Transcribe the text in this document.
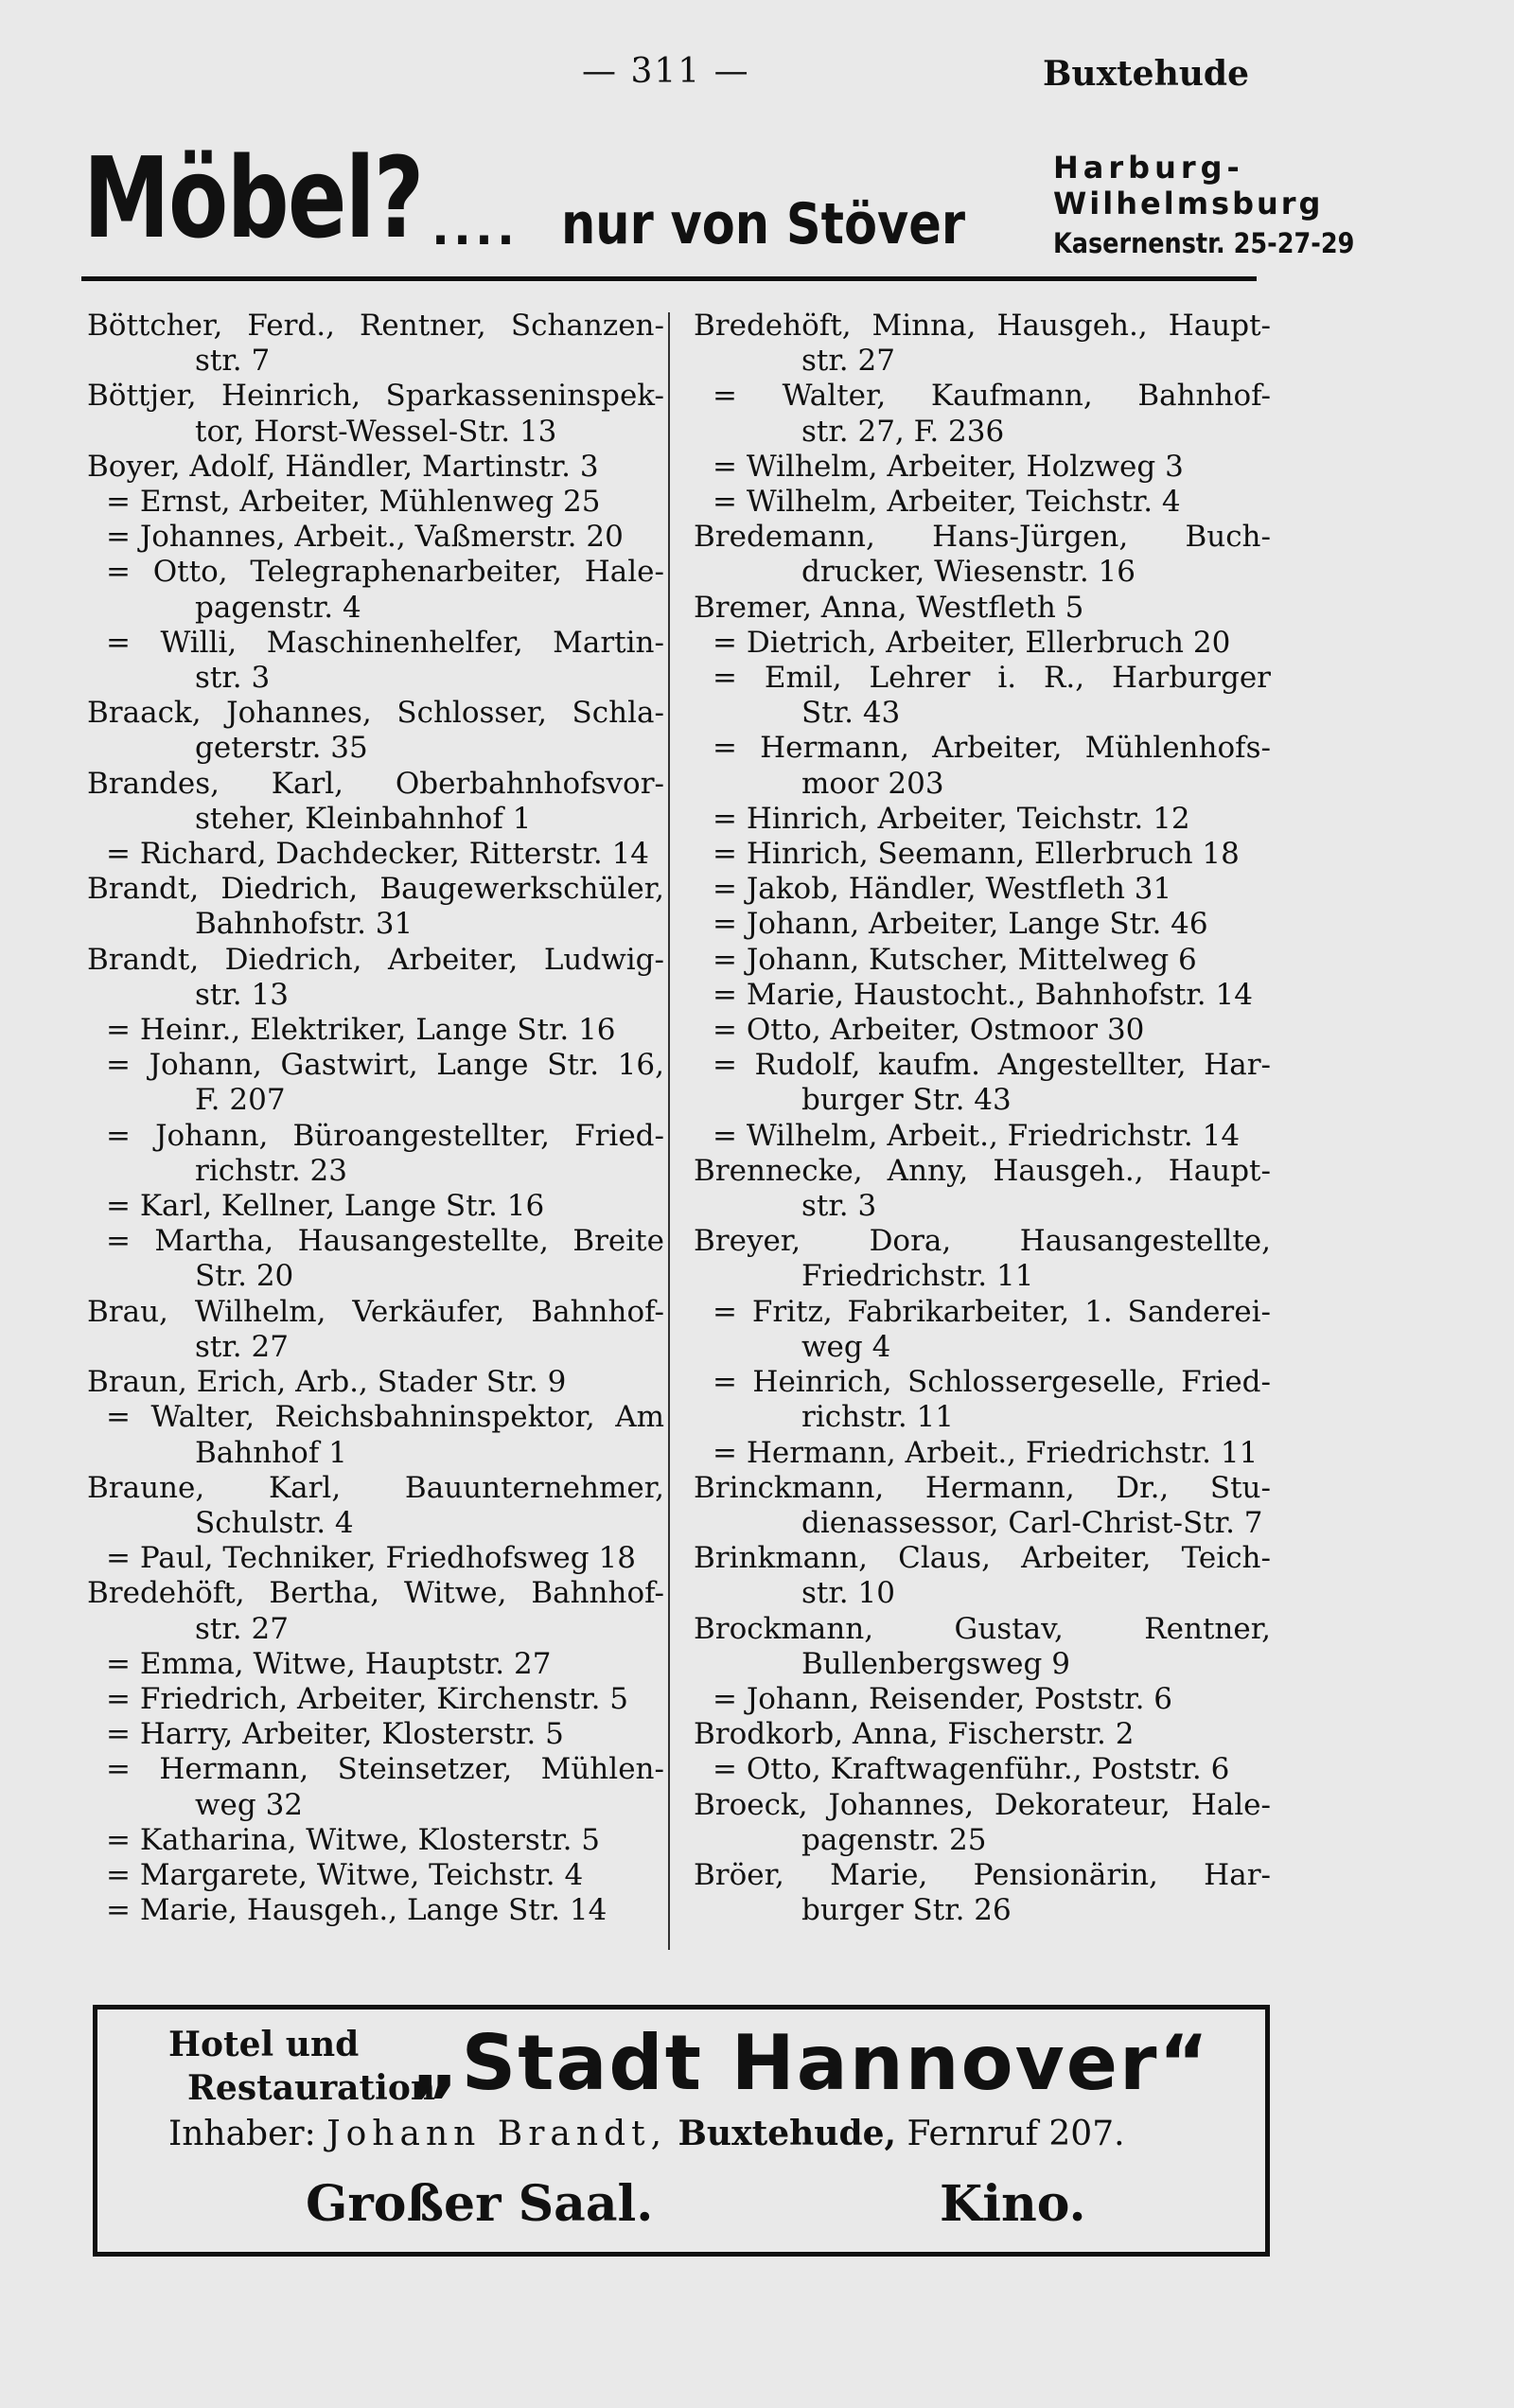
— 311 —	Buxtehude
Möbel? .... nur von Stöver
Harburg-
Wilhelmsburg
Kasernenstr. 25-27-29

Böttcher, Ferd., Rentner, Schanzen-
str. 7

Böttjer, Heinrich, Sparkasseninspek-
tor, Horst-Wessel-Str. 13

Boyer, Adolf, Händler, Martinstr. 3

= Ernst, Arbeiter, Mühlenweg 25

= Johannes, Arbeit., Vaßmerstr. 20

= Otto, Telegraphenarbeiter, Hale-
pagenstr. 4

= Willi, Maschinenhelfer, Martin-
str. 3

Braack, Johannes, Schlosser, Schla-
geterstr. 35

Brandes, Karl, Oberbahnhofsvor-
steher, Kleinbahnhof 1

= Richard, Dachdecker, Ritterstr. 14

Brandt, Diedrich, Baugewerkschüler,
Bahnhofstr. 31

Brandt, Diedrich, Arbeiter, Ludwig-
str. 13

= Heinr., Elektriker, Lange Str. 16

= Johann, Gastwirt, Lange Str. 16,
F. 207

= Johann, Büroangestellter, Fried-
richstr. 23

= Karl, Kellner, Lange Str. 16

= Martha, Hausangestellte, Breite
Str. 20

Brau, Wilhelm, Verkäufer, Bahnhof-
str. 27

Braun, Erich, Arb., Stader Str. 9

= Walter, Reichsbahninspektor, Am
Bahnhof 1

Braune, Karl, Bauunternehmer,
Schulstr. 4

= Paul, Techniker, Friedhofsweg 18

Bredehöft, Bertha, Witwe, Bahnhof-
str. 27

= Emma, Witwe, Hauptstr. 27

= Friedrich, Arbeiter, Kirchenstr. 5

= Harry, Arbeiter, Klosterstr. 5

= Hermann, Steinsetzer, Mühlen-
weg 32

= Katharina, Witwe, Klosterstr. 5

= Margarete, Witwe, Teichstr. 4

= Marie, Hausgeh., Lange Str. 14

Bredehöft, Minna, Hausgeh., Haupt-
str. 27

= Walter, Kaufmann, Bahnhof-
str. 27, F. 236

= Wilhelm, Arbeiter, Holzweg 3

= Wilhelm, Arbeiter, Teichstr. 4

Bredemann, Hans-Jürgen, Buch-
drucker, Wiesenstr. 16

Bremer, Anna, Westfleth 5

= Dietrich, Arbeiter, Ellerbruch 20

= Emil, Lehrer i. R., Harburger
Str. 43

= Hermann, Arbeiter, Mühlenhofs-
moor 203

= Hinrich, Arbeiter, Teichstr. 12

= Hinrich, Seemann, Ellerbruch 18

= Jakob, Händler, Westfleth 31

= Johann, Arbeiter, Lange Str. 46

= Johann, Kutscher, Mittelweg 6

= Marie, Haustocht., Bahnhofstr. 14

= Otto, Arbeiter, Ostmoor 30

= Rudolf, kaufm. Angestellter, Har-
burger Str. 43

= Wilhelm, Arbeit., Friedrichstr. 14

Brennecke, Anny, Hausgeh., Haupt-
str. 3

Breyer, Dora, Hausangestellte,
Friedrichstr. 11

= Fritz, Fabrikarbeiter, 1. Sanderei-
weg 4

= Heinrich, Schlossergeselle, Fried-
richstr. 11

= Hermann, Arbeit., Friedrichstr. 11

Brinckmann, Hermann, Dr., Stu-
dienassessor, Carl-Christ-Str. 7

Brinkmann, Claus, Arbeiter, Teich-
str. 10

Brockmann, Gustav, Rentner,
Bullenbergsweg 9

= Johann, Reisender, Poststr. 6

Brodkorb, Anna, Fischerstr. 2

= Otto, Kraftwagenführ., Poststr. 6

Broeck, Johannes, Dekorateur, Hale-
pagenstr. 25

Bröer, Marie, Pensionärin, Har-
burger Str. 26

Hotel und
Restauration
„Stadt Hannover“
Inhaber: Johann Brandt, Buxtehude, Fernruf 207.
Großer Saal.	Kino.
